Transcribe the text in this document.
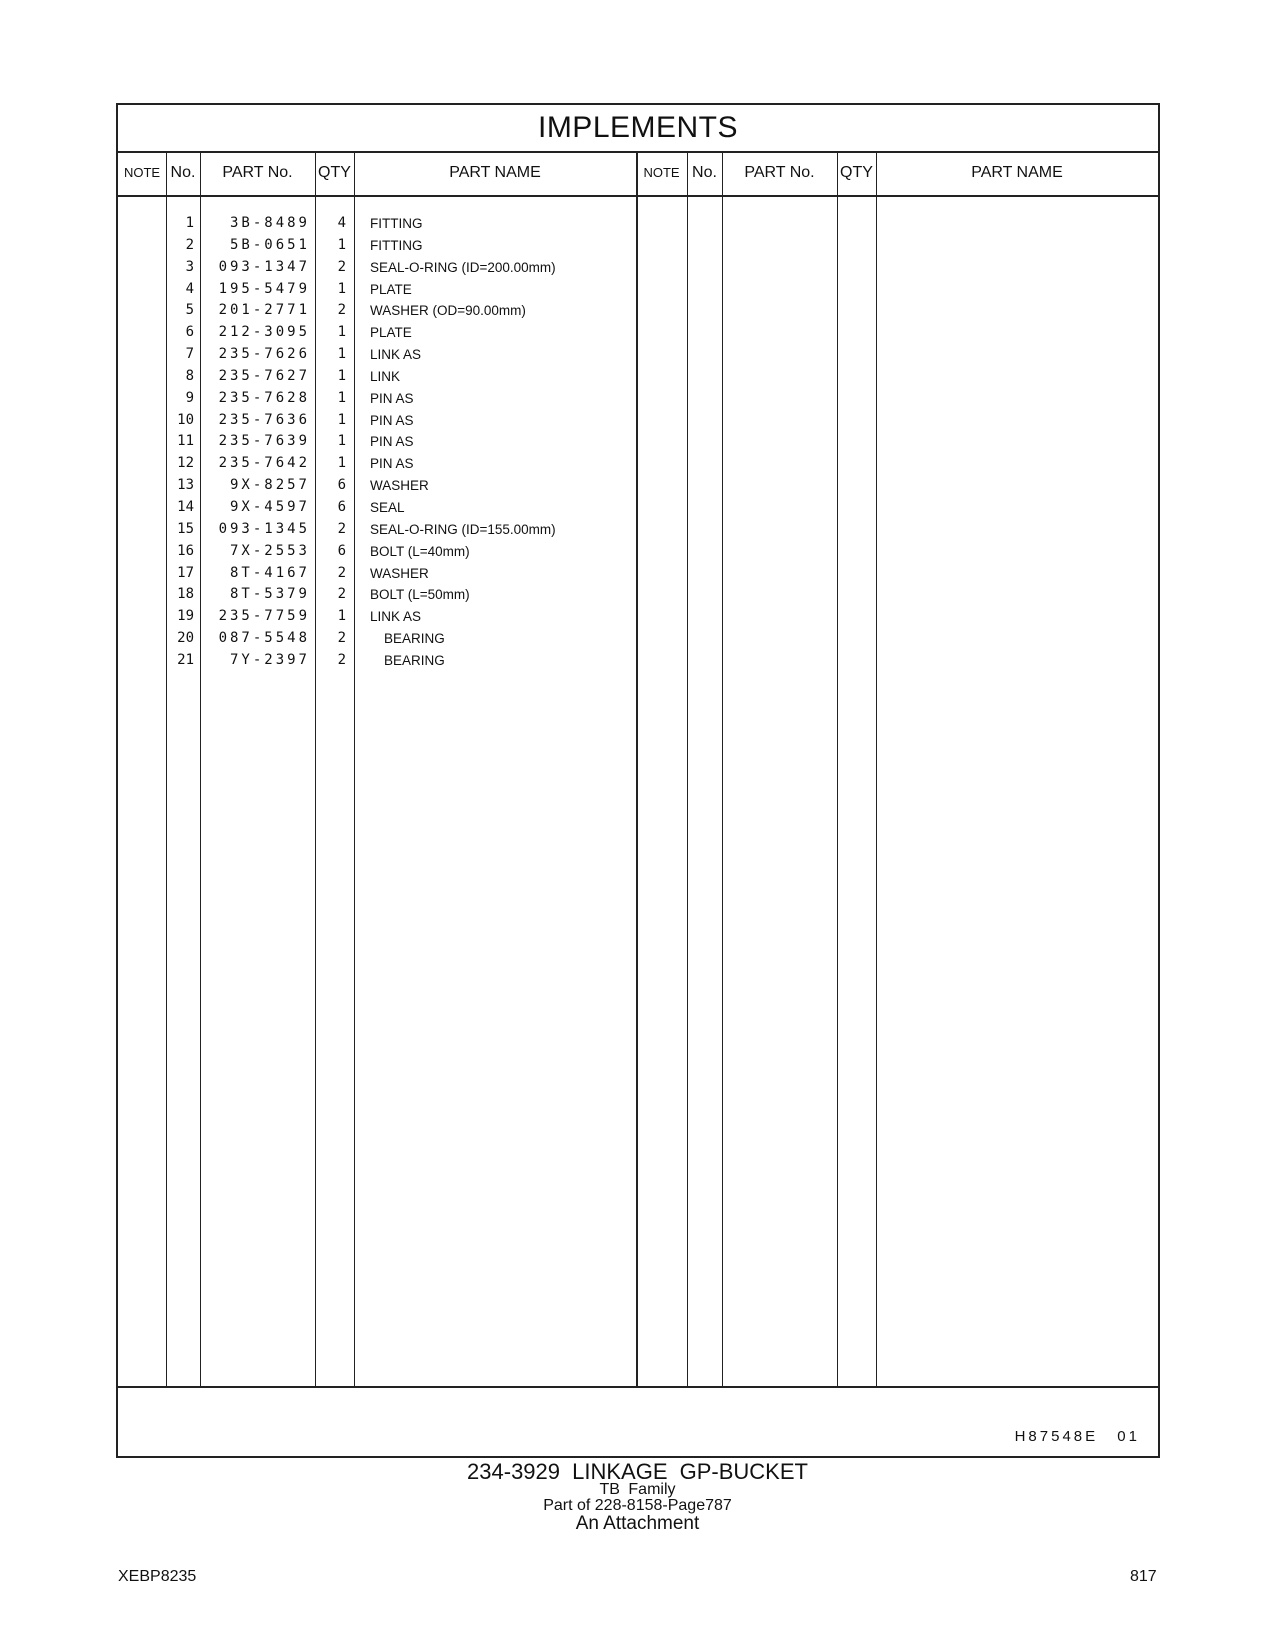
IMPLEMENTS
NOTE No.	PART No.	QTY	PART NAME	NOTE No.	PART No.	QTY	PART NAME
1	3B-8489	4 FITTING
2	5B-0651	1 FITTING
3	093-1347	2 SEAL-O-RING (ID=200.00mm)
4	195-5479	1 PLATE
5	201-2771	2 WASHER (OD=90.00mm)
6	212-3095	1 PLATE
7	235-7626	1 LINK AS
8	235-7627	1 LINK
9	235-7628	1 PIN AS
10	235-7636	1 PIN AS
11	235-7639	1 PIN AS
12	235-7642	1 PIN AS
13	9X-8257	6 WASHER
14	9X-4597	6 SEAL
15	093-1345	2 SEAL-O-RING (ID=155.00mm)
16	7X-2553	6 BOLT (L=40mm)
17	8T-4167	2 WASHER
18	8T-5379	2 BOLT (L=50mm)
19	235-7759	1 LINK AS
20	087-5548	2	BEARING
21	7Y-2397	2	BEARING
H87548E 01
234-3929 LINKAGE GP-BUCKET
TB Family
Part of 228-8158-Page787
An Attachment
XEBP8235	817
